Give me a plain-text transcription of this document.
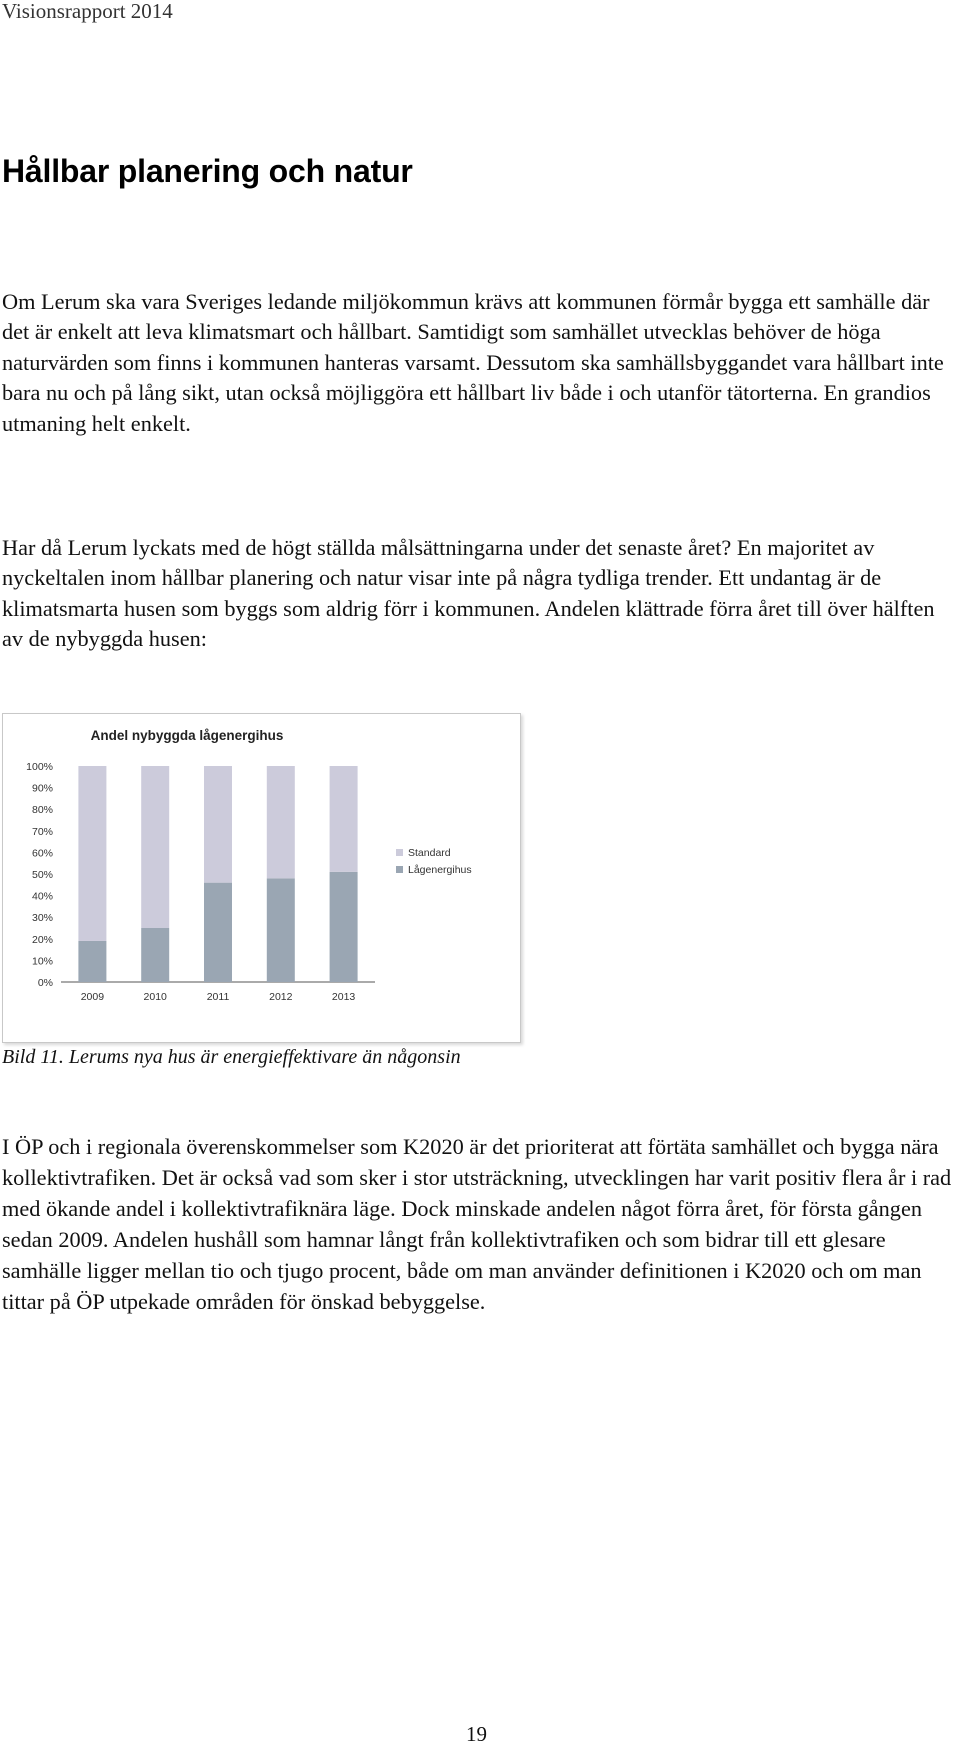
Visionsrapport 2014
Hållbar planering och natur

Om Lerum ska vara Sveriges ledande miljökommun krävs att kommunen förmår bygga ett samhälle där det är enkelt att leva klimatsmart och hållbart. Samtidigt som samhället utvecklas behöver de höga naturvärden som finns i kommunen hanteras varsamt. Dessutom ska samhällsbyggandet vara hållbart inte bara nu och på lång sikt, utan också möjliggöra ett hållbart liv både i och utanför tätorterna. En grandios utmaning helt enkelt.

Har då Lerum lyckats med de högt ställda målsättningarna under det senaste året? En majoritet av nyckeltalen inom hållbar planering och natur visar inte på några tydliga trender. Ett undantag är de klimatsmarta husen som byggs som aldrig förr i kommunen. Andelen klättrade förra året till över hälften av de nybyggda husen:

Andel nybyggda lågenergihus
0%
10%
20%
30%
40%
50%
60%
70%
80%
90%
100%
2009	2010	2011	2012	2013
Standard
Lågenergihus
Bild 11. Lerums nya hus är energieffektivare än någonsin

I ÖP och i regionala överenskommelser som K2020 är det prioriterat att förtäta samhället och bygga nära kollektivtrafiken. Det är också vad som sker i stor utsträckning, utvecklingen har varit positiv flera år i rad med ökande andel i kollektivtrafiknära läge. Dock minskade andelen något förra året, för första gången sedan 2009. Andelen hushåll som hamnar långt från kollektivtrafiken och som bidrar till ett glesare samhälle ligger mellan tio och tjugo procent, både om man använder definitionen i K2020 och om man tittar på ÖP utpekade områden för önskad bebyggelse.

19
